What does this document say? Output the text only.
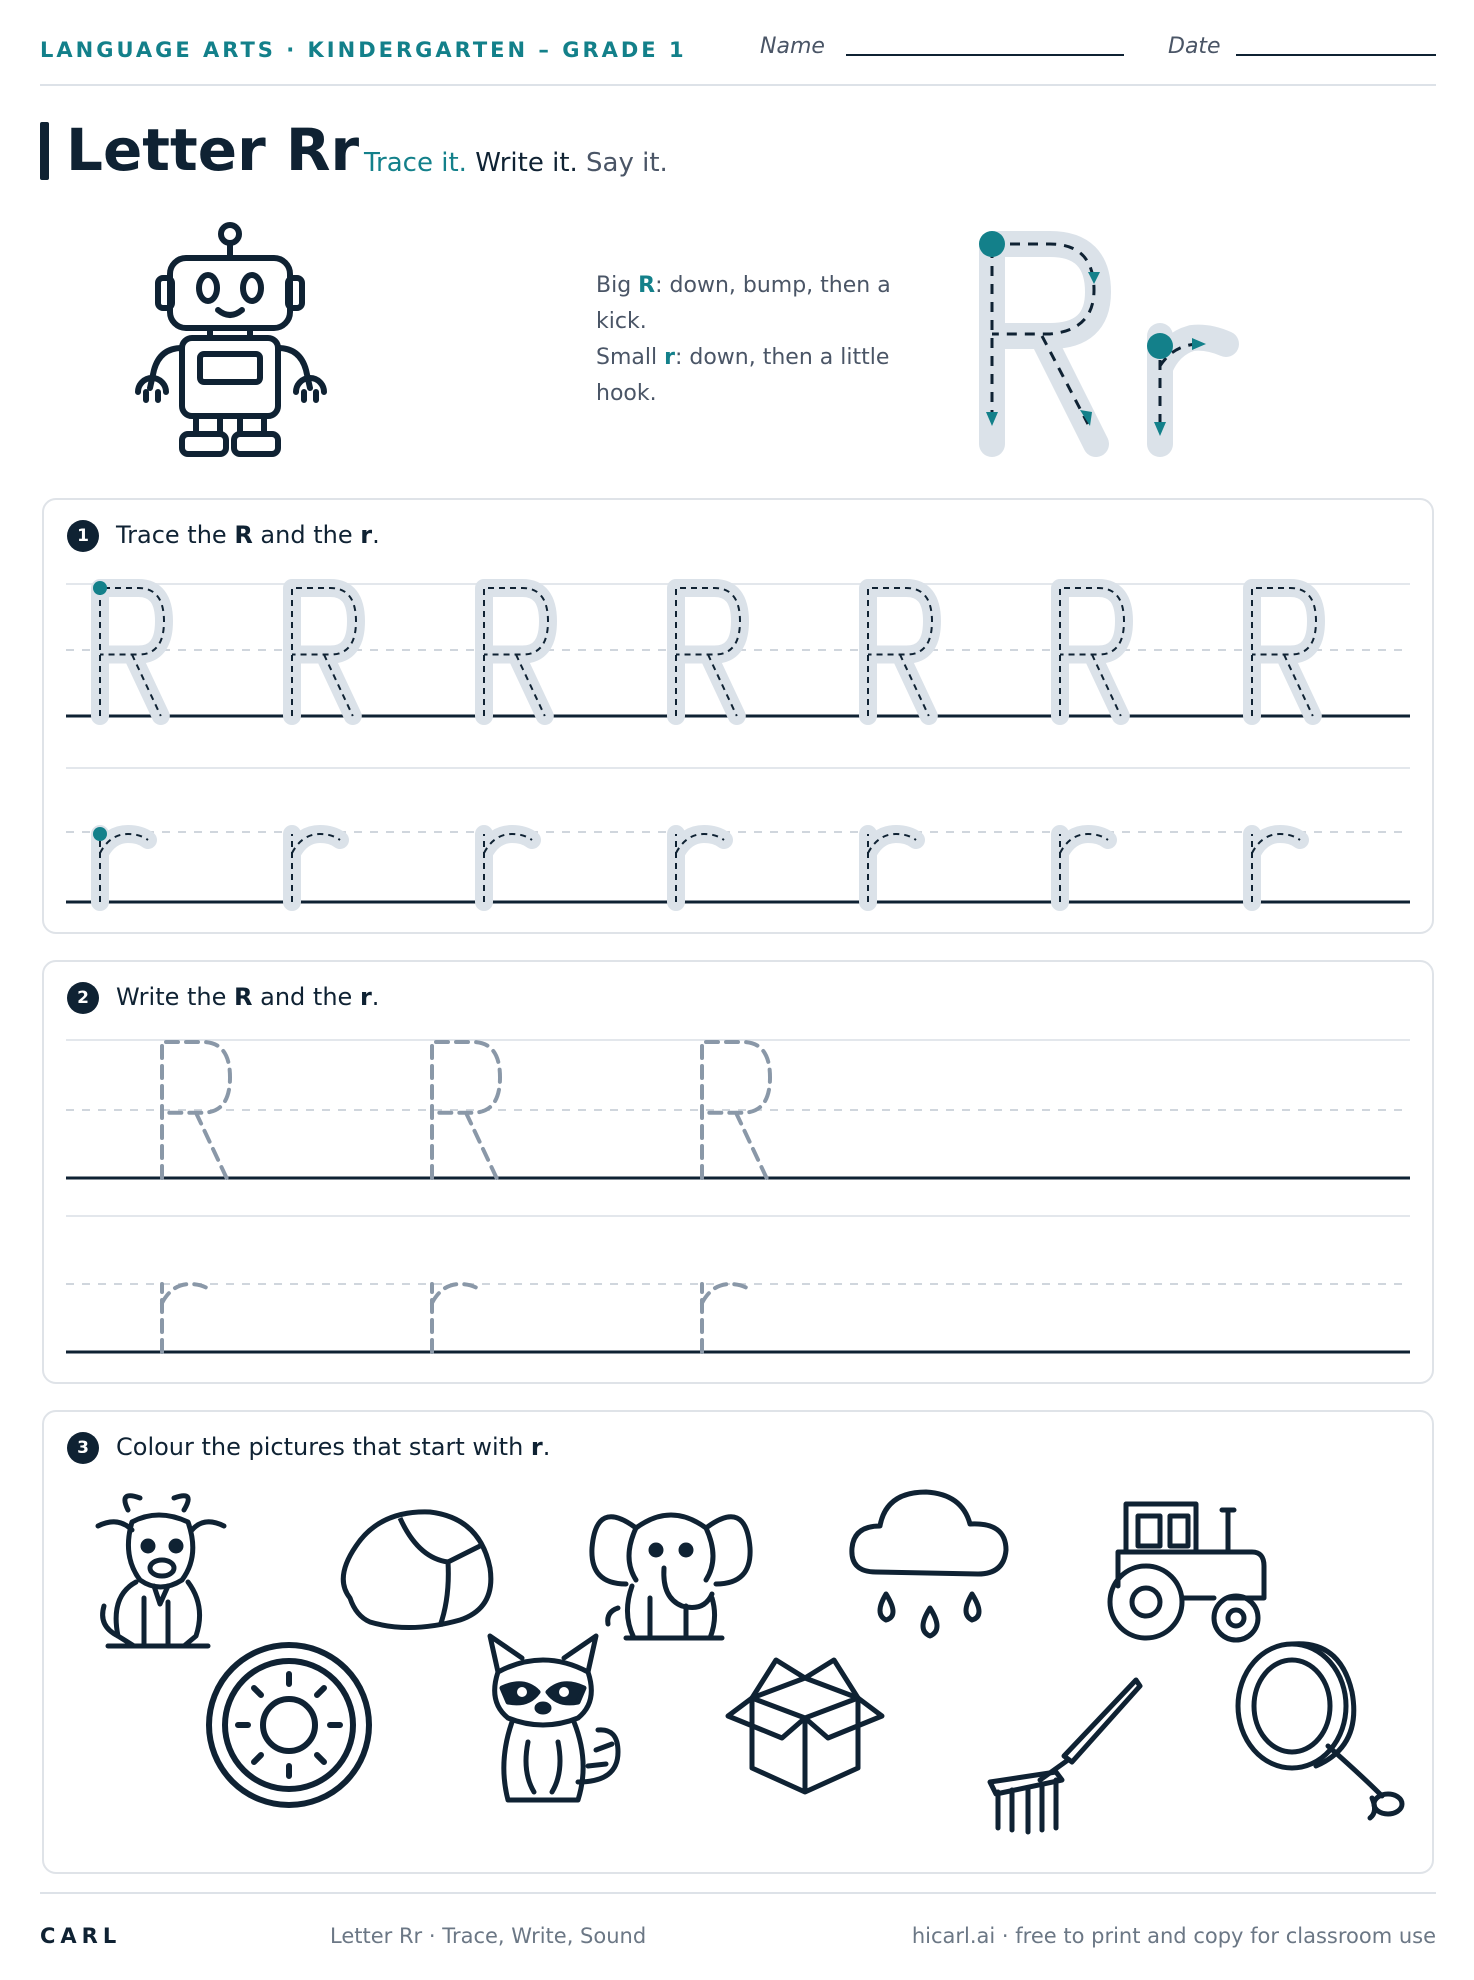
LANGUAGE ARTS · KINDERGARTEN – GRADE 1	Name	Date
Letter Rr Trace it. Write it. Say it.
Big R: down, bump, then a kick.
Small r: down, then a little hook.
1	Trace the R and the r.
2	Write the R and the r.
3	Colour the pictures that start with r.
CARL	Letter Rr · Trace, Write, Sound	hicarl.ai · free to print and copy for classroom use
